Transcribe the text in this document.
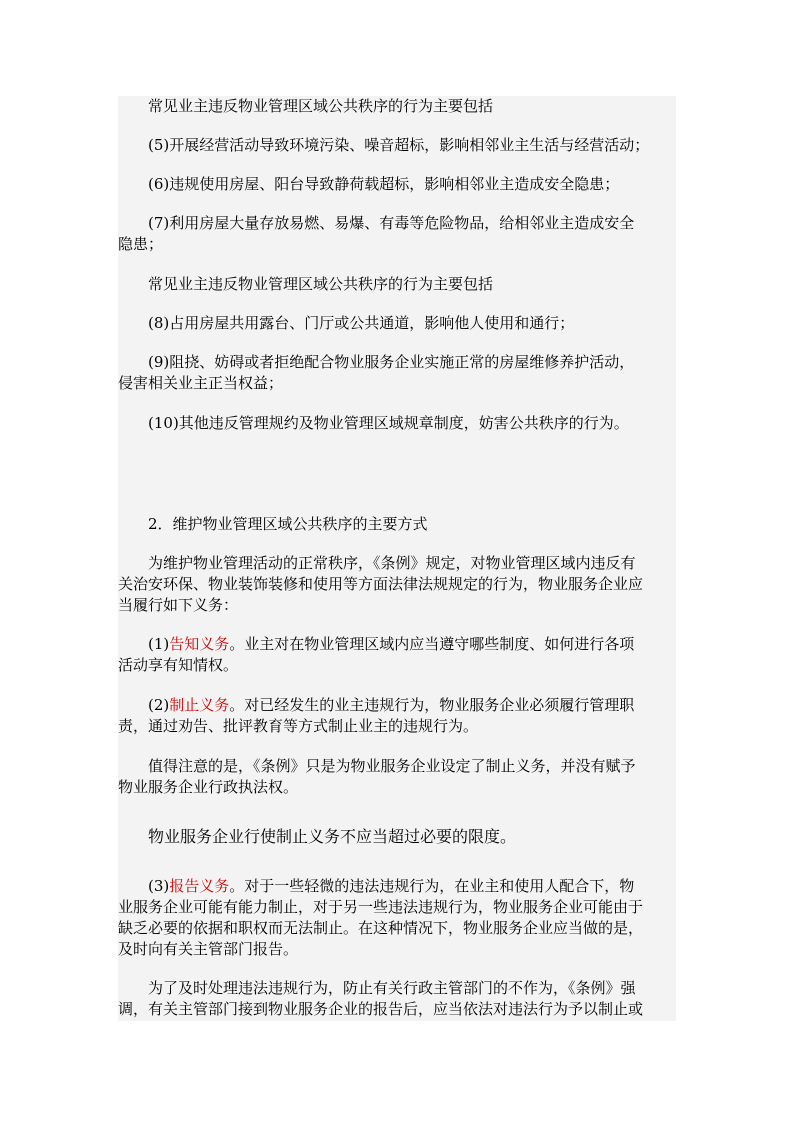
常见业主违反物业管理区域公共秩序的行为主要包括
(5)开展经营活动导致环境污染、噪音超标，影响相邻业主生活与经营活动；
(6)违规使用房屋、阳台导致静荷载超标，影响相邻业主造成安全隐患；
(7)利用房屋大量存放易燃、易爆、有毒等危险物品，给相邻业主造成安全
隐患；
常见业主违反物业管理区域公共秩序的行为主要包括
(8)占用房屋共用露台、门厅或公共通道，影响他人使用和通行；
(9)阻挠、妨碍或者拒绝配合物业服务企业实施正常的房屋维修养护活动，
侵害相关业主正当权益；
(10)其他违反管理规约及物业管理区域规章制度，妨害公共秩序的行为。
2．维护物业管理区域公共秩序的主要方式
为维护物业管理活动的正常秩序，《条例》规定，对物业管理区域内违反有
关治安环保、物业装饰装修和使用等方面法律法规规定的行为，物业服务企业应
当履行如下义务：
(1)告知义务。业主对在物业管理区域内应当遵守哪些制度、如何进行各项
活动享有知情权。
(2)制止义务。对已经发生的业主违规行为，物业服务企业必须履行管理职
责，通过劝告、批评教育等方式制止业主的违规行为。
值得注意的是，《条例》只是为物业服务企业设定了制止义务，并没有赋予
物业服务企业行政执法权。
物业服务企业行使制止义务不应当超过必要的限度。
(3)报告义务。对于一些轻微的违法违规行为，在业主和使用人配合下，物
业服务企业可能有能力制止，对于另一些违法违规行为，物业服务企业可能由于
缺乏必要的依据和职权而无法制止。在这种情况下，物业服务企业应当做的是，
及时向有关主管部门报告。
为了及时处理违法违规行为，防止有关行政主管部门的不作为，《条例》强
调，有关主管部门接到物业服务企业的报告后，应当依法对违法行为予以制止或
